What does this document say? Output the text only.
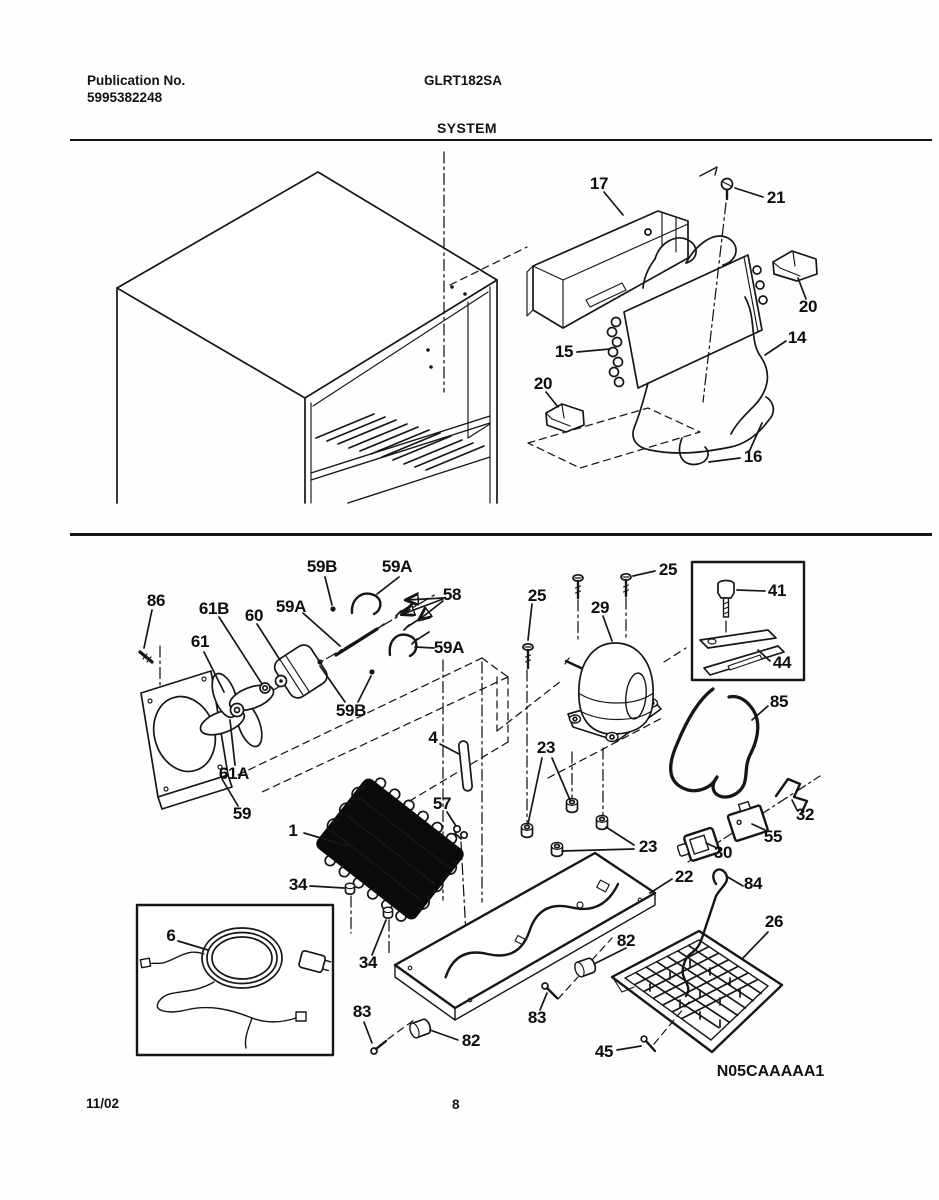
Publication No.
5995382248
GLRT182SA
SYSTEM
17
21
20
15
14
20
16
86 61B 60 59A
59B	59A
58
59A
61
59B
61A
4
57
59
1
34
34
83
82
6
25
25
29
41
44
85
23
23
32
55
30
22	84
82
83
45
26
N05CAAAAA1
11/02	8
